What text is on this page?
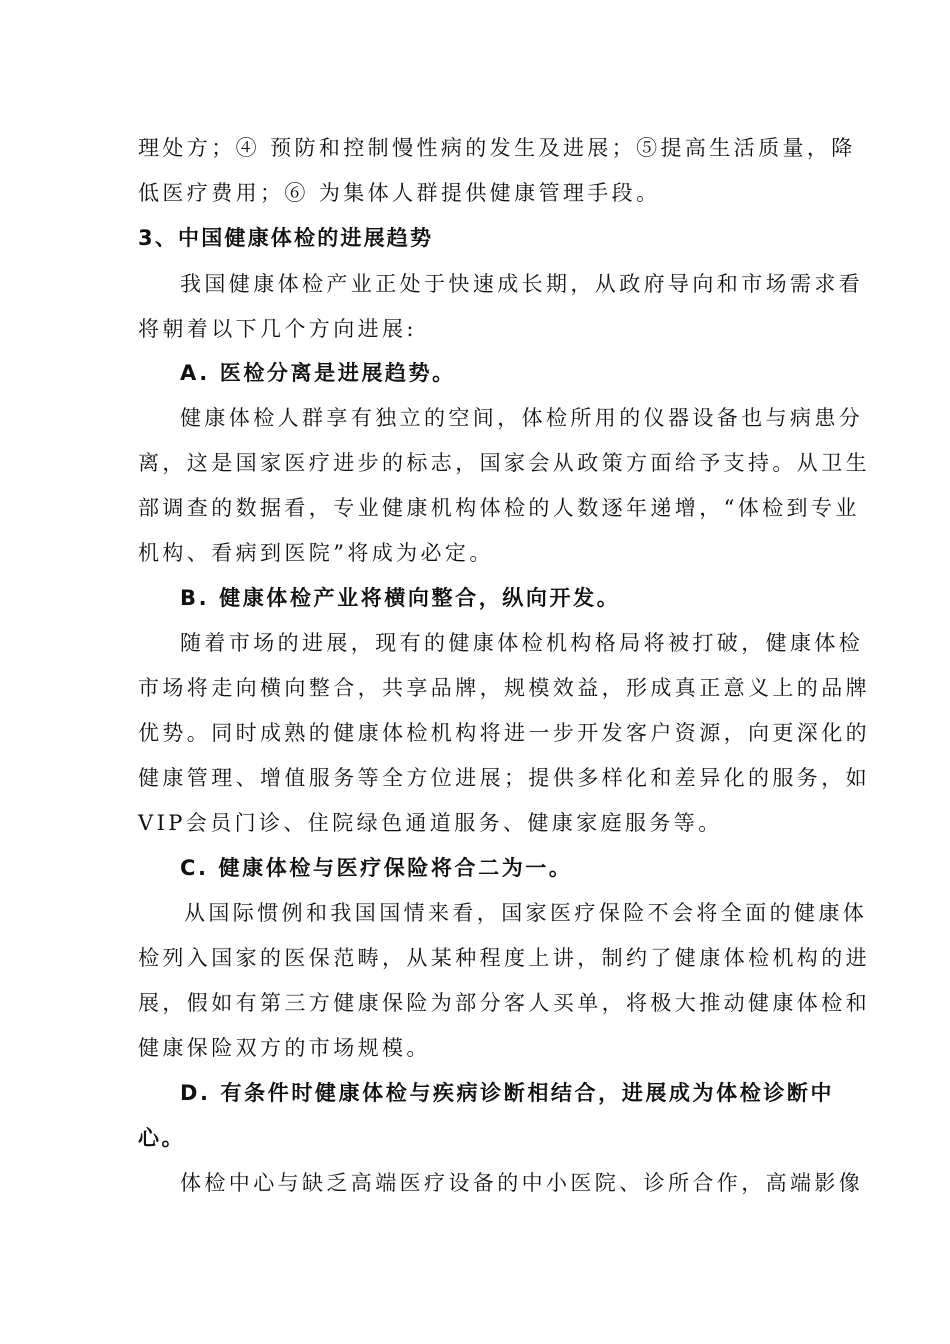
理处方；④ 预防和控制慢性病的发生及进展；⑤提高生活质量，降
低医疗费用；⑥ 为集体人群提供健康管理手段。
3、中国健康体检的进展趋势
我国健康体检产业正处于快速成长期，从政府导向和市场需求看
将朝着以下几个方向进展:
A. 医检分离是进展趋势。
健康体检人群享有独立的空间，体检所用的仪器设备也与病患分
离，这是国家医疗进步的标志，国家会从政策方面给予支持。从卫生
部调查的数据看，专业健康机构体检的人数逐年递增，“体检到专业
机构、看病到医院”将成为必定。
B. 健康体检产业将横向整合，纵向开发。
随着市场的进展，现有的健康体检机构格局将被打破，健康体检
市场将走向横向整合，共享品牌，规模效益，形成真正意义上的品牌
优势。同时成熟的健康体检机构将进一步开发客户资源，向更深化的
健康管理、增值服务等全方位进展；提供多样化和差异化的服务，如
VIP会员门诊、住院绿色通道服务、健康家庭服务等。
C. 健康体检与医疗保险将合二为一。
从国际惯例和我国国情来看，国家医疗保险不会将全面的健康体
检列入国家的医保范畴，从某种程度上讲，制约了健康体检机构的进
展，假如有第三方健康保险为部分客人买单，将极大推动健康体检和
健康保险双方的市场规模。
D. 有条件时健康体检与疾病诊断相结合，进展成为体检诊断中
心。
体检中心与缺乏高端医疗设备的中小医院、诊所合作，高端影像
